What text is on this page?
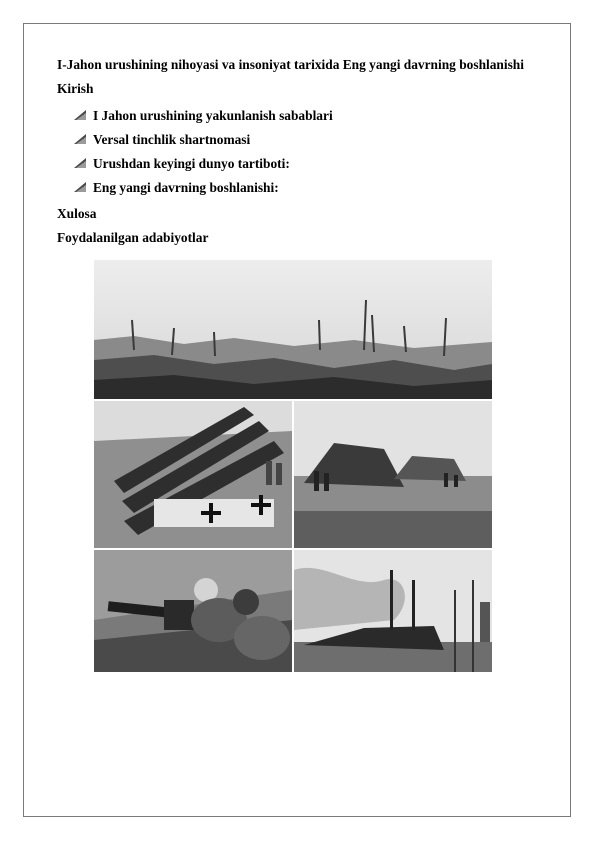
I-Jahon urushining nihoyasi va insoniyat tarixida Eng yangi davrning boshlanishi
Kirish
I Jahon urushining yakunlanish sabablari
Versal tinchlik shartnomasi
Urushdan keyingi dunyo tartiboti:
Eng yangi davrning boshlanishi:
Xulosa
Foydalanilgan adabiyotlar
